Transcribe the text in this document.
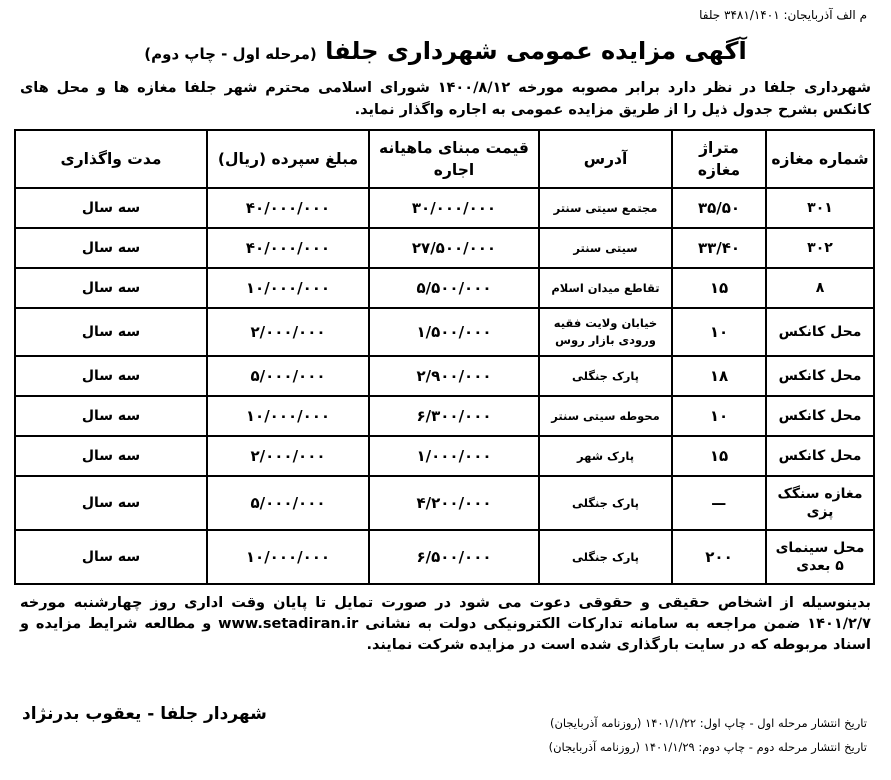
م الف آذربایجان: ۳۴۸۱/۱۴۰۱ جلفا
آگهی مزایده عمومی شهرداری جلفا (مرحله اول - چاپ دوم)
شهرداری جلفا در نظر دارد برابر مصوبه مورخه ۱۴۰۰/۸/۱۲ شورای اسلامی محترم شهر جلفا مغازه ها و محل های کانکس بشرح جدول ذیل را از طریق مزایده عمومی به اجاره واگذار نماید.
شماره مغازه	متراژ مغازه	آدرس	قیمت مبنای ماهیانه اجاره	مبلغ سپرده (ریال)	مدت واگذاری
۳۰۱	۳۵/۵۰	مجتمع سیتی سنتر	۳۰/۰۰۰/۰۰۰	۴۰/۰۰۰/۰۰۰	سه سال
۳۰۲	۳۳/۴۰	سیتی سنتر	۲۷/۵۰۰/۰۰۰	۴۰/۰۰۰/۰۰۰	سه سال
۸	۱۵	تقاطع میدان اسلام	۵/۵۰۰/۰۰۰	۱۰/۰۰۰/۰۰۰	سه سال
محل کانکس	۱۰	خیابان ولایت فقیه ورودی بازار روس	۱/۵۰۰/۰۰۰	۲/۰۰۰/۰۰۰	سه سال
محل کانکس	۱۸	پارک جنگلی	۲/۹۰۰/۰۰۰	۵/۰۰۰/۰۰۰	سه سال
محل کانکس	۱۰	محوطه سیتی سنتر	۶/۳۰۰/۰۰۰	۱۰/۰۰۰/۰۰۰	سه سال
محل کانکس	۱۵	پارک شهر	۱/۰۰۰/۰۰۰	۲/۰۰۰/۰۰۰	سه سال
مغازه سنگک پزی	—	پارک جنگلی	۴/۲۰۰/۰۰۰	۵/۰۰۰/۰۰۰	سه سال
محل سینمای ۵ بعدی	۲۰۰	پارک جنگلی	۶/۵۰۰/۰۰۰	۱۰/۰۰۰/۰۰۰	سه سال
بدینوسیله از اشخاص حقیقی و حقوقی دعوت می شود در صورت تمایل تا پایان وقت اداری روز چهارشنبه مورخه ۱۴۰۱/۲/۷ ضمن مراجعه به سامانه تدارکات الکترونیکی دولت به نشانی www.setadiran.ir و مطالعه شرایط مزایده و اسناد مربوطه که در سایت بارگذاری شده است در مزایده شرکت نمایند.
شهردار جلفا - یعقوب بدرنژاد	تاریخ انتشار مرحله اول - چاپ اول: ۱۴۰۱/۱/۲۲ (روزنامه آذربایجان)
تاریخ انتشار مرحله دوم - چاپ دوم: ۱۴۰۱/۱/۲۹ (روزنامه آذربایجان)
